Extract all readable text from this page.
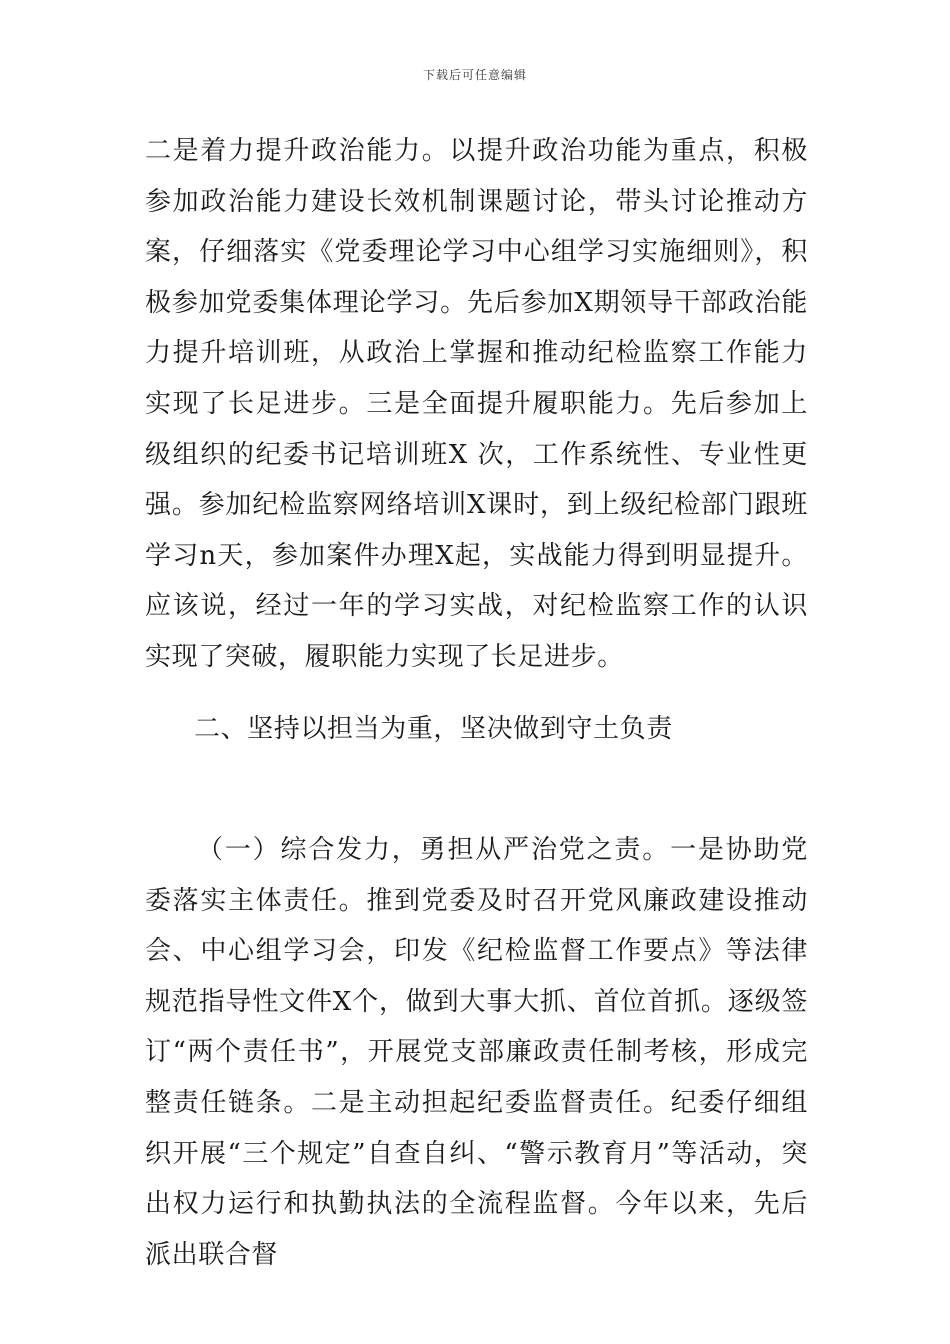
下载后可任意编辑

二是着力提升政治能力。以提升政治功能为重点，积极参加政治能力建设长效机制课题讨论，带头讨论推动方案，仔细落实《党委理论学习中心组学习实施细则》，积极参加党委集体理论学习。先后参加X期领导干部政治能力提升培训班，从政治上掌握和推动纪检监察工作能力实现了长足进步。三是全面提升履职能力。先后参加上级组织的纪委书记培训班X 次，工作系统性、专业性更强。参加纪检监察网络培训X课时，到上级纪检部门跟班学习n天，参加案件办理X起，实战能力得到明显提升。应该说，经过一年的学习实战，对纪检监察工作的认识实现了突破，履职能力实现了长足进步。

二、坚持以担当为重，坚决做到守土负责

（一）综合发力，勇担从严治党之责。一是协助党委落实主体责任。推到党委及时召开党风廉政建设推动会、中心组学习会，印发《纪检监督工作要点》等法律规范指导性文件X个，做到大事大抓、首位首抓。逐级签订“两个责任书”，开展党支部廉政责任制考核，形成完整责任链条。二是主动担起纪委监督责任。纪委仔细组织开展“三个规定”自查自纠、“警示教育月”等活动，突出权力运行和执勤执法的全流程监督。今年以来，先后派出联合督
